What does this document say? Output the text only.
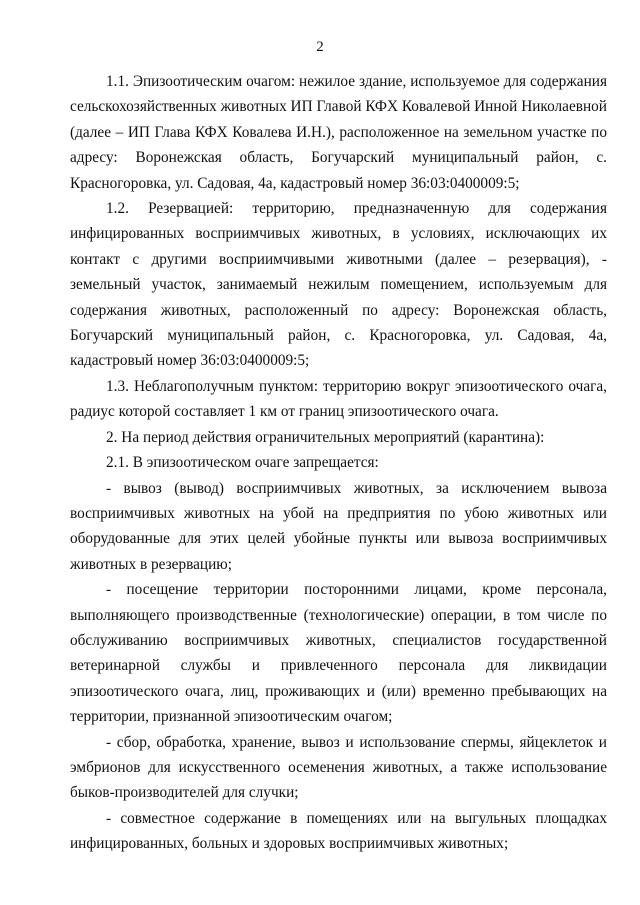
2

1.1. Эпизоотическим очагом: нежилое здание, используемое для содержания сельскохозяйственных животных ИП Главой КФХ Ковалевой Инной Николаевной (далее – ИП Глава КФХ Ковалева И.Н.), расположенное на земельном участке по адресу: Воронежская область, Богучарский муниципальный район, с. Красногоровка, ул. Садовая, 4а, кадастровый номер 36:03:0400009:5;

1.2. Резервацией: территорию, предназначенную для содержания инфицированных восприимчивых животных, в условиях, исключающих их контакт с другими восприимчивыми животными (далее – резервация), - земельный участок, занимаемый нежилым помещением, используемым для содержания животных, расположенный по адресу: Воронежская область, Богучарский муниципальный район, с. Красногоровка, ул. Садовая, 4а, кадастровый номер 36:03:0400009:5;

1.3. Неблагополучным пунктом: территорию вокруг эпизоотического очага, радиус которой составляет 1 км от границ эпизоотического очага.

2. На период действия ограничительных мероприятий (карантина):

2.1. В эпизоотическом очаге запрещается:

- вывоз (вывод) восприимчивых животных, за исключением вывоза восприимчивых животных на убой на предприятия по убою животных или оборудованные для этих целей убойные пункты или вывоза восприимчивых животных в резервацию;

- посещение территории посторонними лицами, кроме персонала, выполняющего производственные (технологические) операции, в том числе по обслуживанию восприимчивых животных, специалистов государственной ветеринарной службы и привлеченного персонала для ликвидации эпизоотического очага, лиц, проживающих и (или) временно пребывающих на территории, признанной эпизоотическим очагом;

- сбор, обработка, хранение, вывоз и использование спермы, яйцеклеток и эмбрионов для искусственного осеменения животных, а также использование быков-производителей для случки;

- совместное содержание в помещениях или на выгульных площадках инфицированных, больных и здоровых восприимчивых животных;
